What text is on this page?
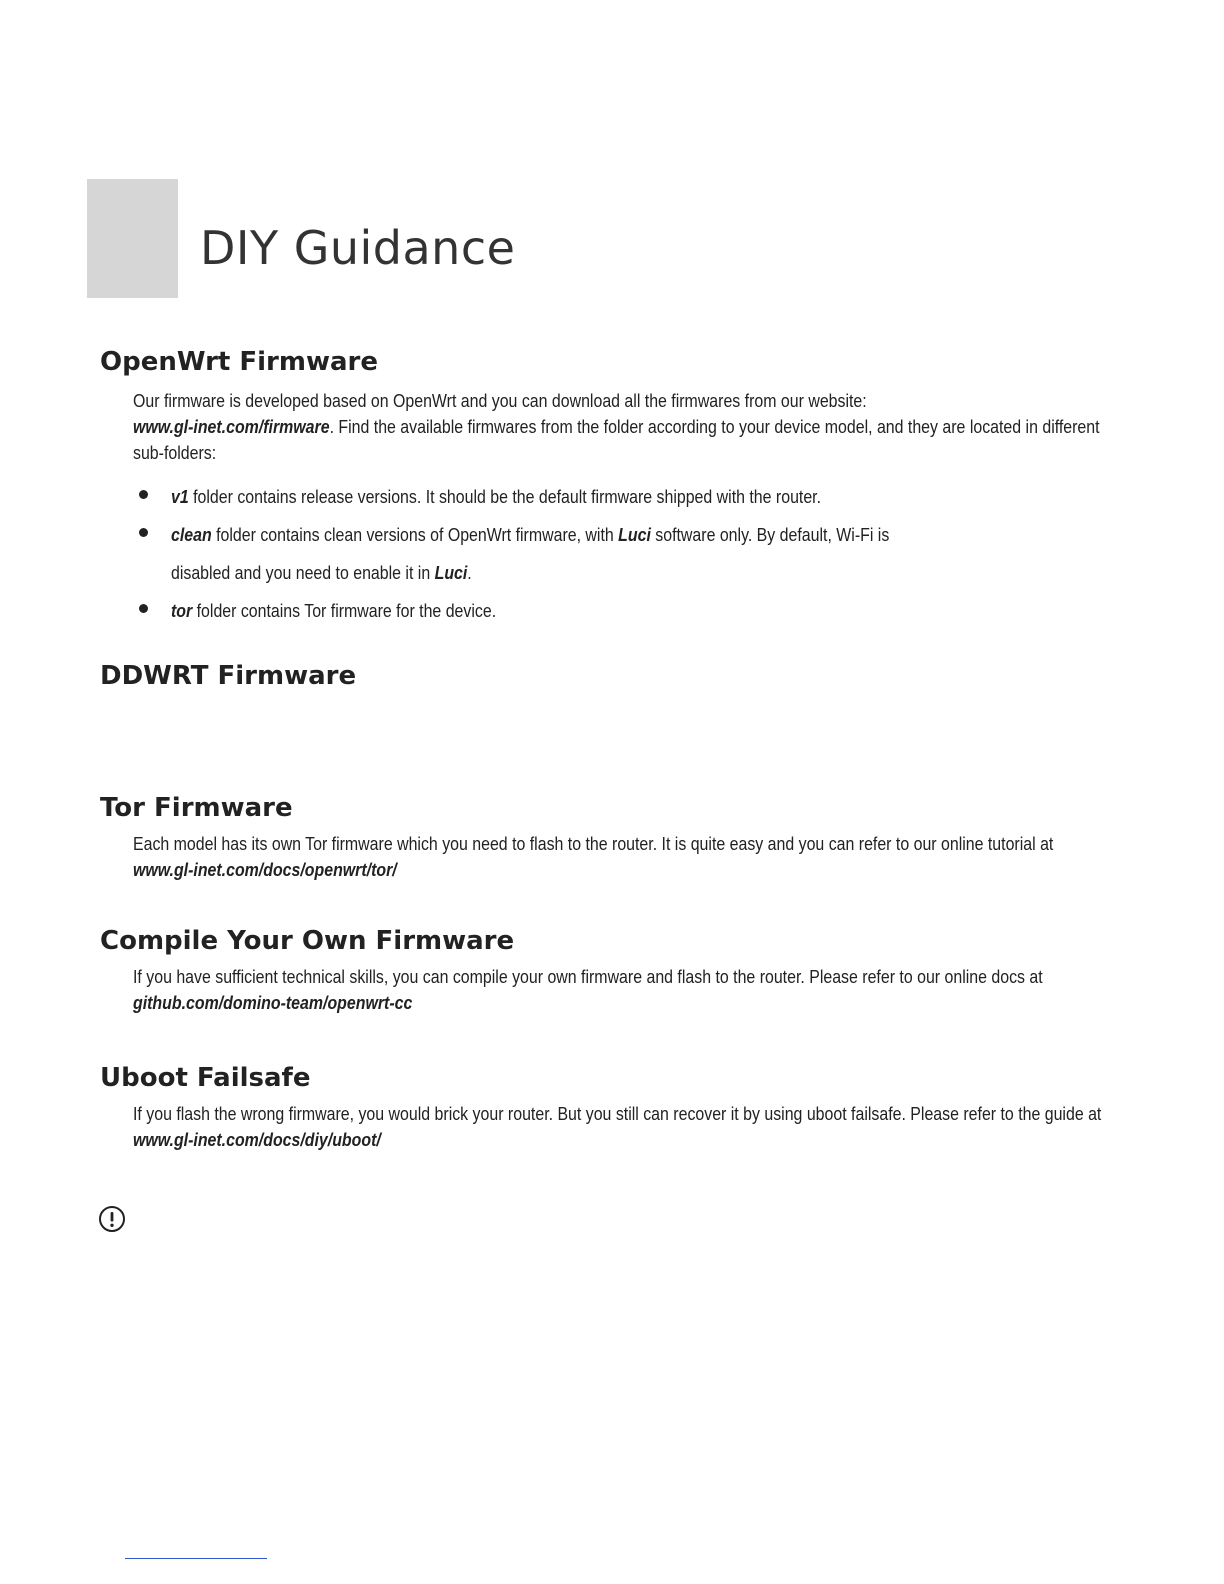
DIY Guidance
OpenWrt Firmware

Our firmware is developed based on OpenWrt and you can download all the firmwares from our website:
www.gl-inet.com/firmware. Find the available firmwares from the folder according to your device model, and they are located in different sub-folders:

v1 folder contains release versions. It should be the default firmware shipped with the router.
clean folder contains clean versions of OpenWrt firmware, with Luci software only. By default, Wi-Fi is
disabled and you need to enable it in Luci.
tor folder contains Tor firmware for the device.
DDWRT Firmware
Tor Firmware

Each model has its own Tor firmware which you need to flash to the router. It is quite easy and you can refer to our online tutorial at www.gl-inet.com/docs/openwrt/tor/

Compile Your Own Firmware

If you have sufficient technical skills, you can compile your own firmware and flash to the router. Please refer to our online docs at github.com/domino-team/openwrt-cc

Uboot Failsafe

If you flash the wrong firmware, you would brick your router. But you still can recover it by using uboot failsafe. Please refer to the guide at www.gl-inet.com/docs/diy/uboot/
